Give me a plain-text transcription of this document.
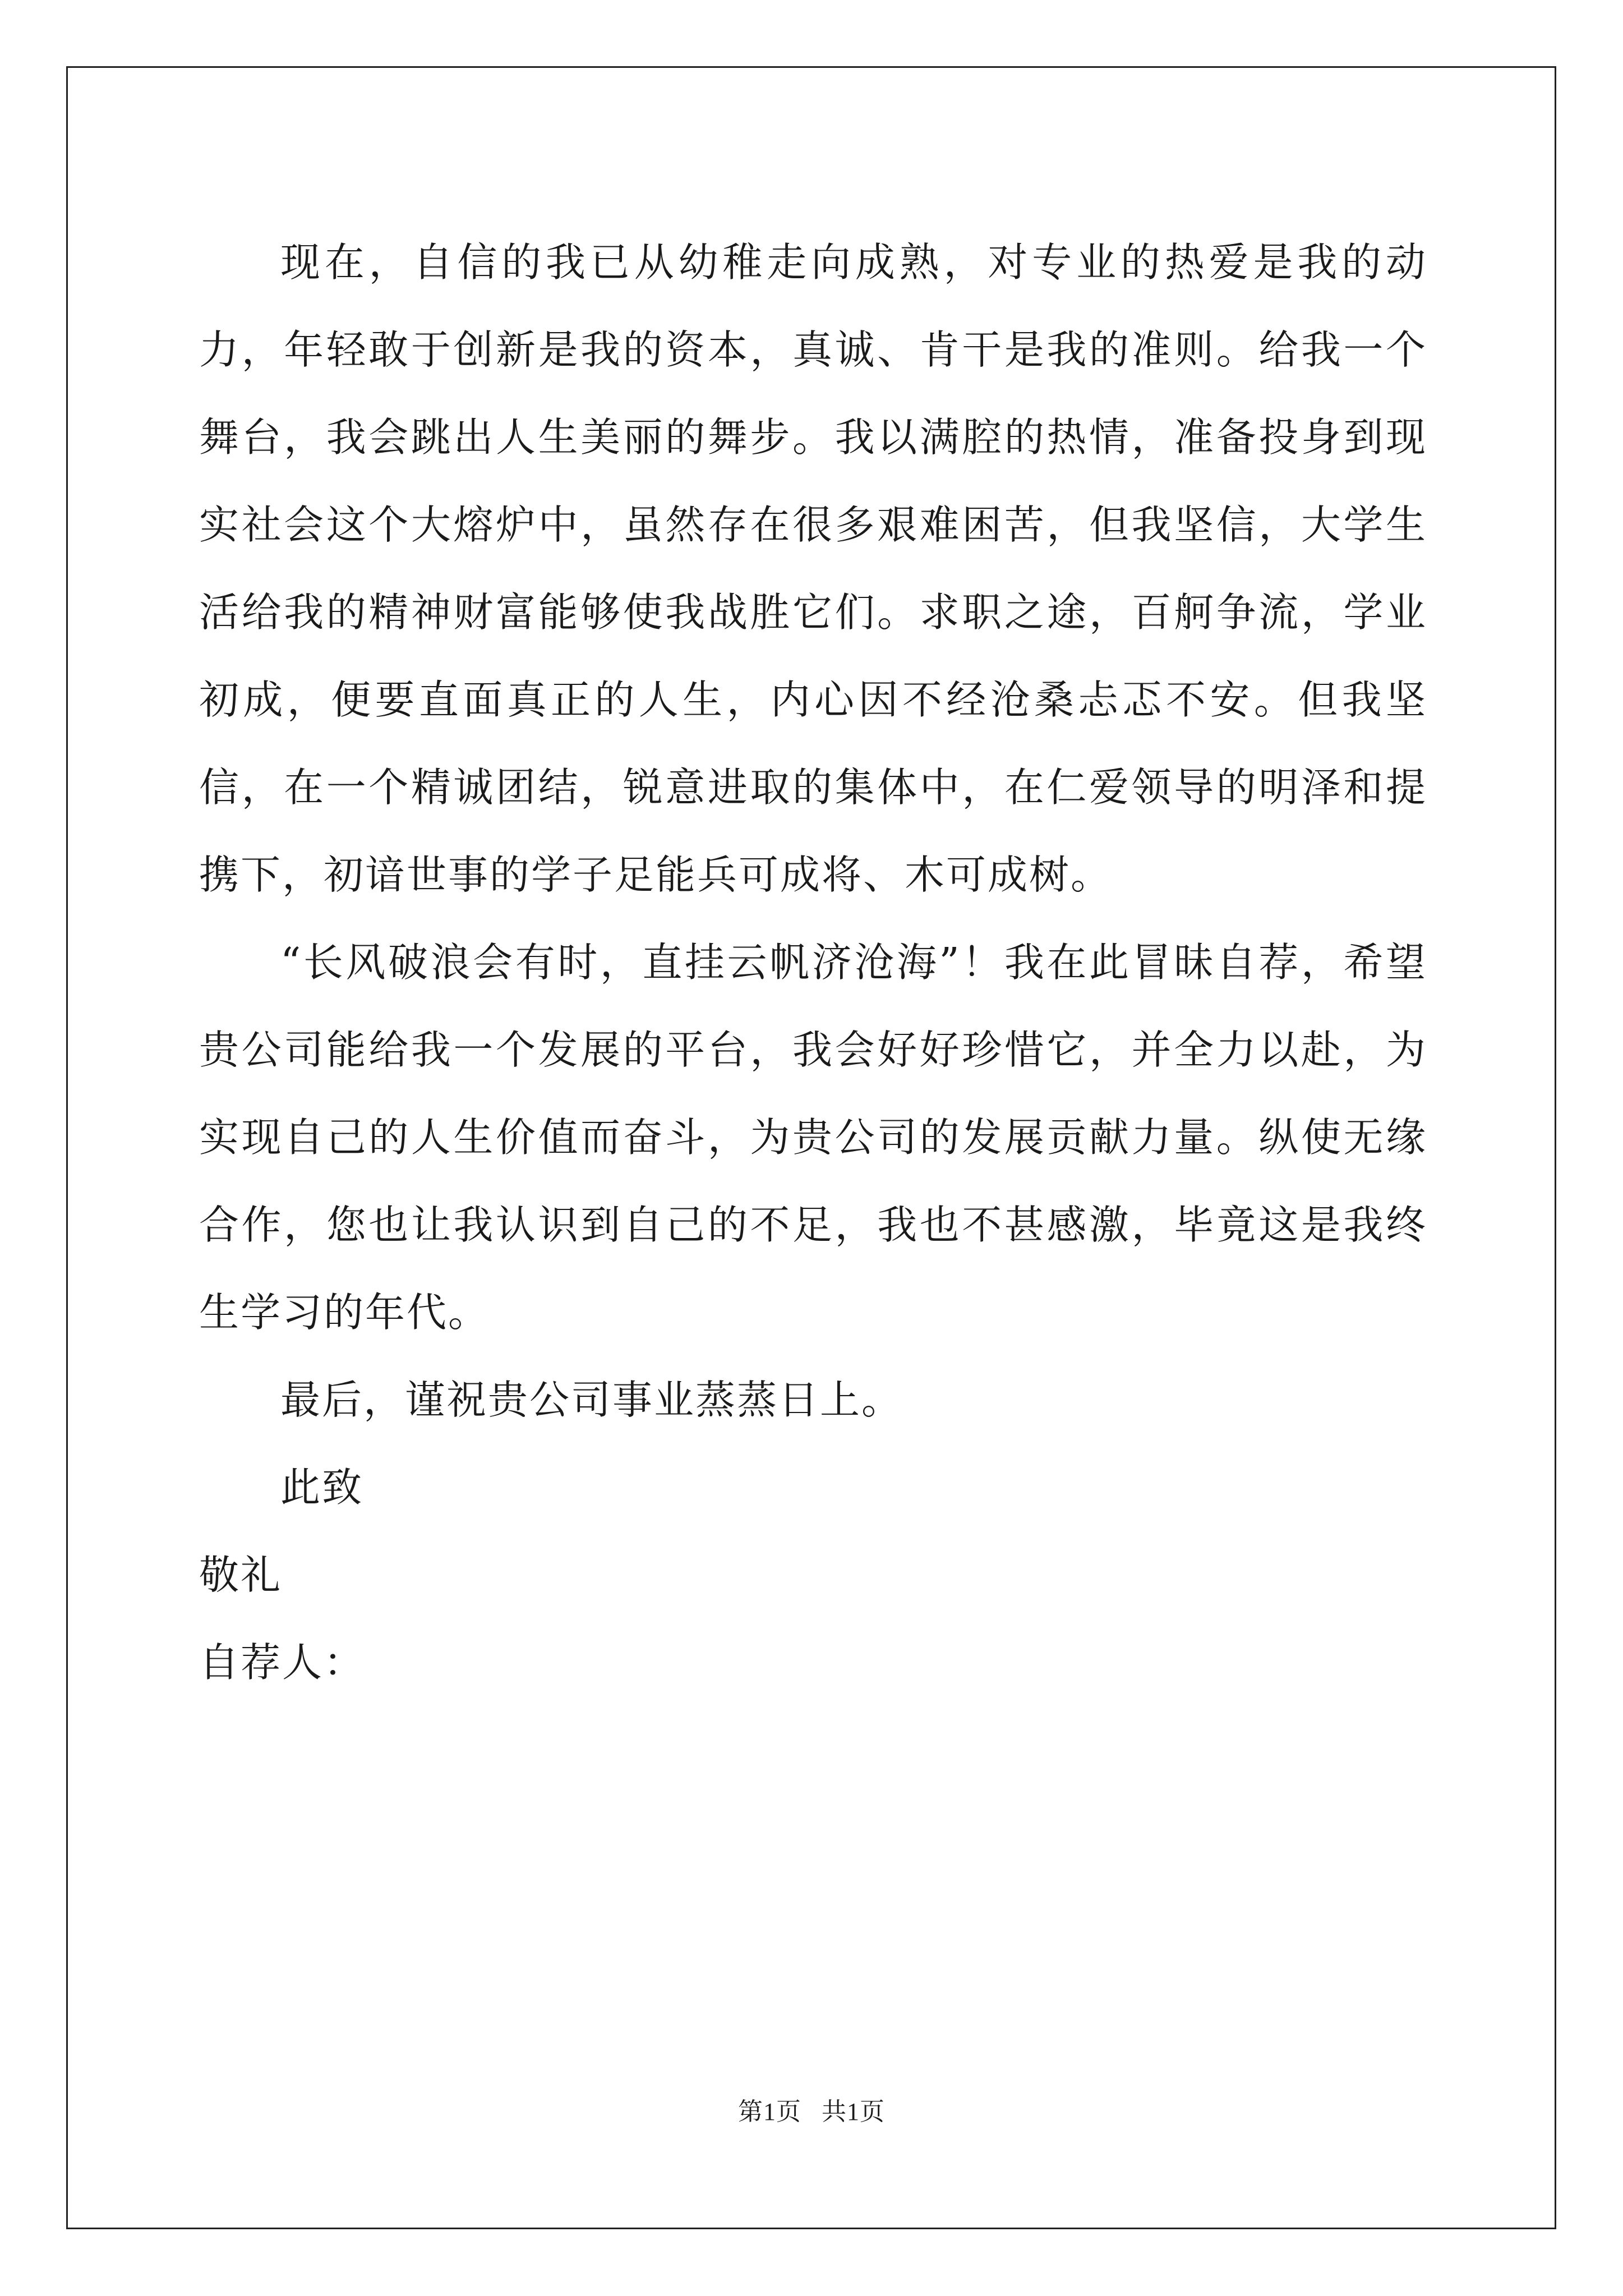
现在，自信的我已从幼稚走向成熟，对专业的热爱是我的动力，年轻敢于创新是我的资本，真诚、肯干是我的准则。给我一个舞台，我会跳出人生美丽的舞步。我以满腔的热情，准备投身到现实社会这个大熔炉中，虽然存在很多艰难困苦，但我坚信，大学生活给我的精神财富能够使我战胜它们。求职之途，百舸争流，学业初成，便要直面真正的人生，内心因不经沧桑忐忑不安。但我坚信，在一个精诚团结，锐意进取的集体中，在仁爱领导的明泽和提携下，初谙世事的学子足能兵可成将、木可成树。

“长风破浪会有时，直挂云帆济沧海”！我在此冒昧自荐，希望贵公司能给我一个发展的平台，我会好好珍惜它，并全力以赴，为实现自己的人生价值而奋斗，为贵公司的发展贡献力量。纵使无缘合作，您也让我认识到自己的不足，我也不甚感激，毕竟这是我终生学习的年代。

最后，谨祝贵公司事业蒸蒸日上。

此致

敬礼

自荐人：

第1页   共1页
